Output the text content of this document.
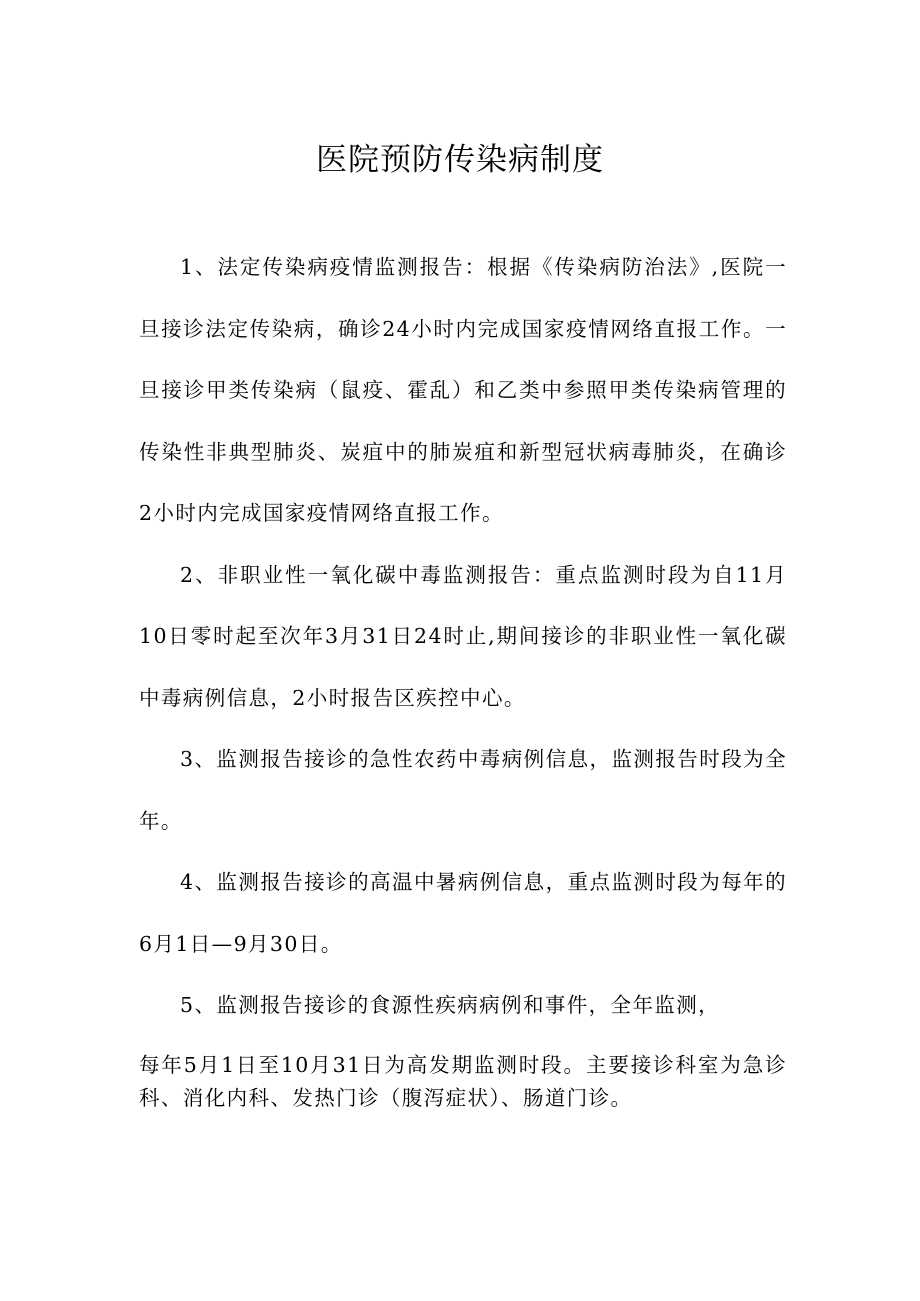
医院预防传染病制度

1、法定传染病疫情监测报告：根据《传染病防治法》,医院一旦接诊法定传染病，确诊24小时内完成国家疫情网络直报工作。一旦接诊甲类传染病（鼠疫、霍乱）和乙类中参照甲类传染病管理的传染性非典型肺炎、炭疽中的肺炭疽和新型冠状病毒肺炎，在确诊2小时内完成国家疫情网络直报工作。

2、非职业性一氧化碳中毒监测报告：重点监测时段为自11月10日零时起至次年3月31日24时止,期间接诊的非职业性一氧化碳中毒病例信息，2小时报告区疾控中心。

3、监测报告接诊的急性农药中毒病例信息，监测报告时段为全年。

4、监测报告接诊的高温中暑病例信息，重点监测时段为每年的6月1日—9月30日。

5、监测报告接诊的食源性疾病病例和事件，全年监测，

每年5月1日至10月31日为高发期监测时段。主要接诊科室为急诊科、消化内科、发热门诊（腹泻症状）、肠道门诊。
